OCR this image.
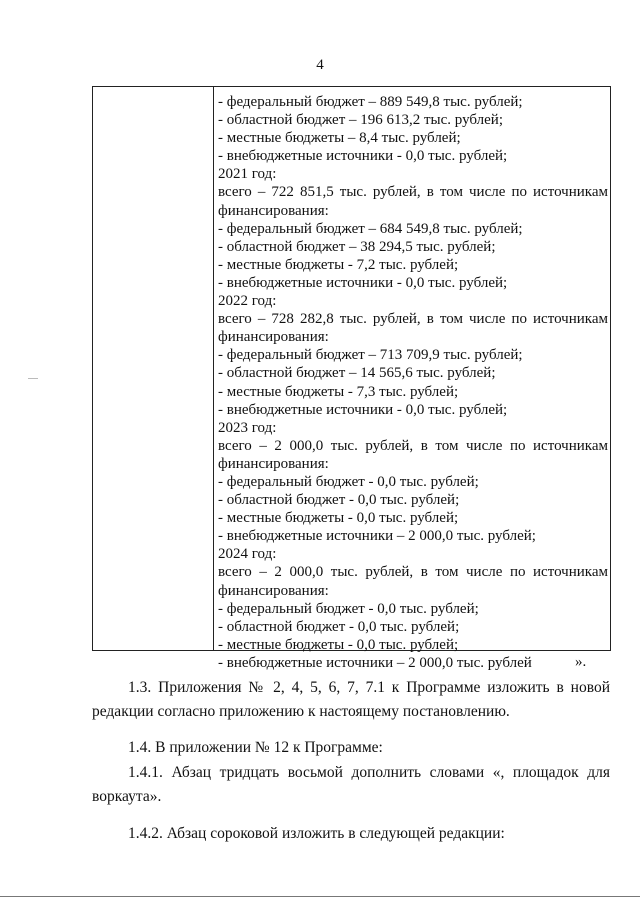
4
- федеральный бюджет – 889 549,8 тыс. рублей;
- областной бюджет – 196 613,2 тыс. рублей;
- местные бюджеты – 8,4 тыс. рублей;
- внебюджетные источники - 0,0 тыс. рублей;
2021 год:
всего – 722 851,5 тыс. рублей, в том числе по источникам
финансирования:
- федеральный бюджет – 684 549,8 тыс. рублей;
- областной бюджет – 38 294,5 тыс. рублей;
- местные бюджеты - 7,2 тыс. рублей;
- внебюджетные источники - 0,0 тыс. рублей;
2022 год:
всего – 728 282,8 тыс. рублей, в том числе по источникам
финансирования:
- федеральный бюджет – 713 709,9 тыс. рублей;
- областной бюджет – 14 565,6 тыс. рублей;
- местные бюджеты - 7,3 тыс. рублей;
- внебюджетные источники - 0,0 тыс. рублей;
2023 год:
всего – 2 000,0 тыс. рублей, в том числе по источникам
финансирования:
- федеральный бюджет - 0,0 тыс. рублей;
- областной бюджет - 0,0 тыс. рублей;
- местные бюджеты - 0,0 тыс. рублей;
- внебюджетные источники – 2 000,0 тыс. рублей;
2024 год:
всего – 2 000,0 тыс. рублей, в том числе по источникам
финансирования:
- федеральный бюджет - 0,0 тыс. рублей;
- областной бюджет - 0,0 тыс. рублей;
- местные бюджеты - 0,0 тыс. рублей;
- внебюджетные источники – 2 000,0 тыс. рублей	».

1.3. Приложения № 2, 4, 5, 6, 7, 7.1 к Программе изложить в новой редакции согласно приложению к настоящему постановлению.

1.4. В приложении № 12 к Программе:

1.4.1. Абзац тридцать восьмой дополнить словами «, площадок для воркаута».

1.4.2. Абзац сороковой изложить в следующей редакции:
